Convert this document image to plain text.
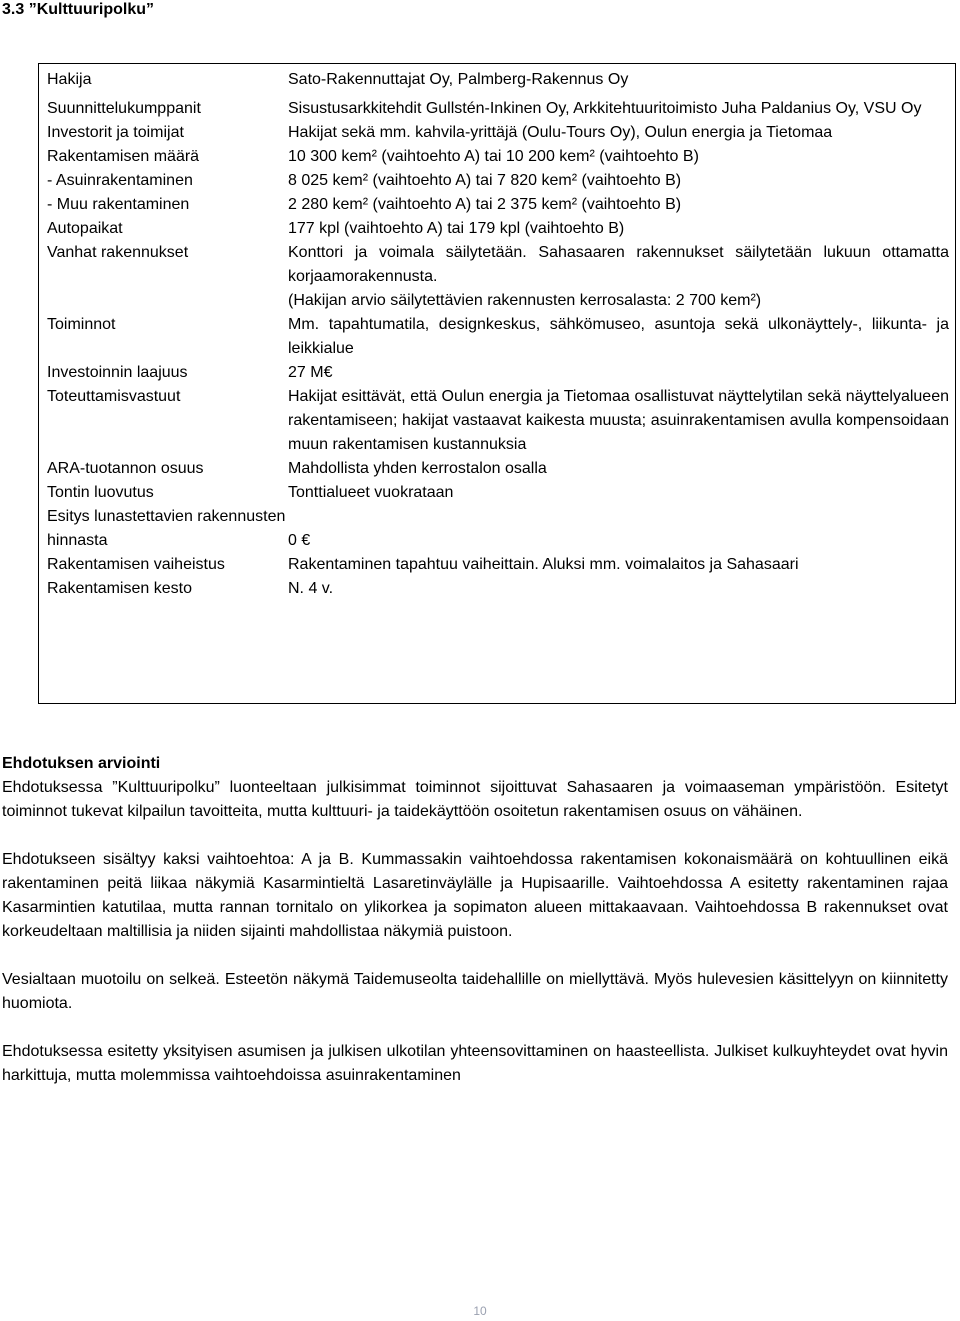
3.3 ”Kulttuuripolku”
Hakija	Sato-Rakennuttajat Oy, Palmberg-Rakennus Oy
Suunnittelukumppanit	Sisustusarkkitehdit Gullstén-Inkinen Oy, Arkkitehtuuritoimisto Juha Paldanius Oy, VSU Oy
Investorit ja toimijat	Hakijat sekä mm. kahvila-yrittäjä (Oulu-Tours Oy), Oulun energia ja Tietomaa
Rakentamisen määrä	10 300 kem² (vaihtoehto A) tai 10 200 kem² (vaihtoehto B)
- Asuinrakentaminen	8 025 kem² (vaihtoehto A) tai 7 820 kem² (vaihtoehto B)
- Muu rakentaminen	2 280 kem² (vaihtoehto A) tai 2 375 kem² (vaihtoehto B)
Autopaikat	177 kpl (vaihtoehto A) tai 179 kpl (vaihtoehto B)
Vanhat rakennukset	Konttori ja voimala säilytetään. Sahasaaren rakennukset säilytetään lukuun ottamatta korjaamorakennusta.
(Hakijan arvio säilytettävien rakennusten kerrosalasta: 2 700 kem²)

Toiminnot	Mm. tapahtumatila, designkeskus, sähkömuseo, asuntoja sekä ulkonäyttely-, liikunta- ja leikkialue
Investoinnin laajuus	27 M€
Toteuttamisvastuut	Hakijat esittävät, että Oulun energia ja Tietomaa osallistuvat näyttelytilan sekä näyttelyalueen rakentamiseen; hakijat vastaavat kaikesta muusta; asuinrakentamisen avulla kompensoidaan muun rakentamisen kustannuksia
ARA-tuotannon osuus	Mahdollista yhden kerrostalon osalla
Tontin luovutus	Tonttialueet vuokrataan
Esitys lunastettavien rakennusten hinnasta	0 €
Rakentamisen vaiheistus	Rakentaminen tapahtuu vaiheittain. Aluksi mm. voimalaitos ja Sahasaari
Rakentamisen kesto	N. 4 v.
Ehdotuksen arviointi

Ehdotuksessa ”Kulttuuripolku” luonteeltaan julkisimmat toiminnot sijoittuvat Sahasaaren ja voimaaseman ympäristöön. Esitetyt toiminnot tukevat kilpailun tavoitteita, mutta kulttuuri- ja taidekäyttöön osoitetun rakentamisen osuus on vähäinen.

Ehdotukseen sisältyy kaksi vaihtoehtoa: A ja B. Kummassakin vaihtoehdossa rakentamisen kokonaismäärä on kohtuullinen eikä rakentaminen peitä liikaa näkymiä Kasarmintieltä Lasaretinväylälle ja Hupisaarille. Vaihtoehdossa A esitetty rakentaminen rajaa Kasarmintien katutilaa, mutta rannan tornitalo on ylikorkea ja sopimaton alueen mittakaavaan. Vaihtoehdossa B rakennukset ovat korkeudeltaan maltillisia ja niiden sijainti mahdollistaa näkymiä puistoon.

Vesialtaan muotoilu on selkeä. Esteetön näkymä Taidemuseolta taidehallille on miellyttävä. Myös hulevesien käsittelyyn on kiinnitetty huomiota.

Ehdotuksessa esitetty yksityisen asumisen ja julkisen ulkotilan yhteensovittaminen on haasteellista. Julkiset kulkuyhteydet ovat hyvin harkittuja, mutta molemmissa vaihtoehdoissa asuinrakentaminen

10
